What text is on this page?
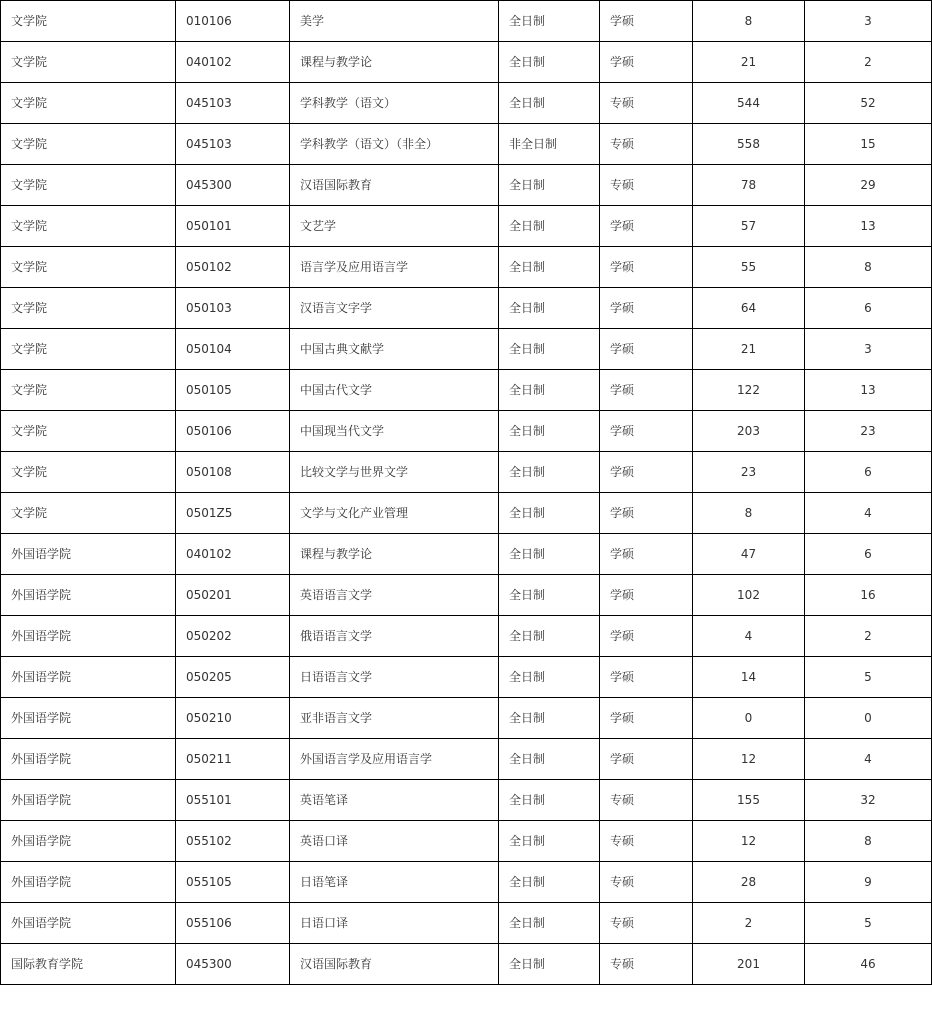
文学院	010106	美学	全日制	学硕	8	3
文学院	040102	课程与教学论	全日制	学硕	21	2
文学院	045103	学科教学（语文）	全日制	专硕	544	52
文学院	045103	学科教学（语文）（非全）	非全日制	专硕	558	15
文学院	045300	汉语国际教育	全日制	专硕	78	29
文学院	050101	文艺学	全日制	学硕	57	13
文学院	050102	语言学及应用语言学	全日制	学硕	55	8
文学院	050103	汉语言文字学	全日制	学硕	64	6
文学院	050104	中国古典文献学	全日制	学硕	21	3
文学院	050105	中国古代文学	全日制	学硕	122	13
文学院	050106	中国现当代文学	全日制	学硕	203	23
文学院	050108	比较文学与世界文学	全日制	学硕	23	6
文学院	0501Z5	文学与文化产业管理	全日制	学硕	8	4
外国语学院	040102	课程与教学论	全日制	学硕	47	6
外国语学院	050201	英语语言文学	全日制	学硕	102	16
外国语学院	050202	俄语语言文学	全日制	学硕	4	2
外国语学院	050205	日语语言文学	全日制	学硕	14	5
外国语学院	050210	亚非语言文学	全日制	学硕	0	0
外国语学院	050211	外国语言学及应用语言学	全日制	学硕	12	4
外国语学院	055101	英语笔译	全日制	专硕	155	32
外国语学院	055102	英语口译	全日制	专硕	12	8
外国语学院	055105	日语笔译	全日制	专硕	28	9
外国语学院	055106	日语口译	全日制	专硕	2	5
国际教育学院	045300	汉语国际教育	全日制	专硕	201	46
